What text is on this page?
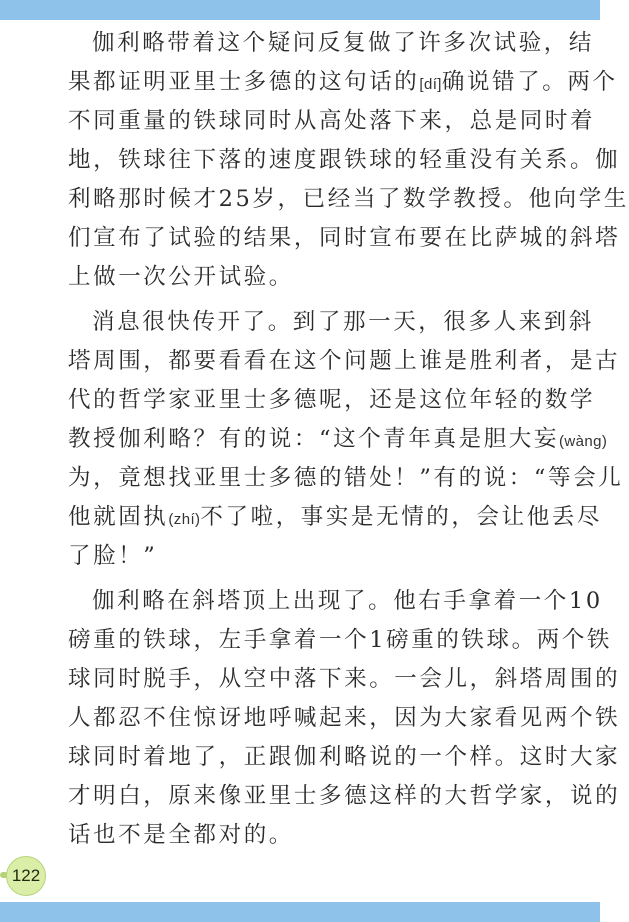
伽利略带着这个疑问反复做了许多次试验，结
果都证明亚里士多德的这句话的[dí]确说错了。两个
不同重量的铁球同时从高处落下来，总是同时着
地，铁球往下落的速度跟铁球的轻重没有关系。伽
利略那时候才25岁，已经当了数学教授。他向学生
们宣布了试验的结果，同时宣布要在比萨城的斜塔
上做一次公开试验。
消息很快传开了。到了那一天，很多人来到斜
塔周围，都要看看在这个问题上谁是胜利者，是古
代的哲学家亚里士多德呢，还是这位年轻的数学
教授伽利略？有的说：“这个青年真是胆大妄(wàng)
为，竟想找亚里士多德的错处！”有的说：“等会儿
他就固执(zhí)不了啦，事实是无情的，会让他丢尽
了脸！”
伽利略在斜塔顶上出现了。他右手拿着一个10
磅重的铁球，左手拿着一个1磅重的铁球。两个铁
球同时脱手，从空中落下来。一会儿，斜塔周围的
人都忍不住惊讶地呼喊起来，因为大家看见两个铁
球同时着地了，正跟伽利略说的一个样。这时大家
才明白，原来像亚里士多德这样的大哲学家，说的
话也不是全都对的。
122
